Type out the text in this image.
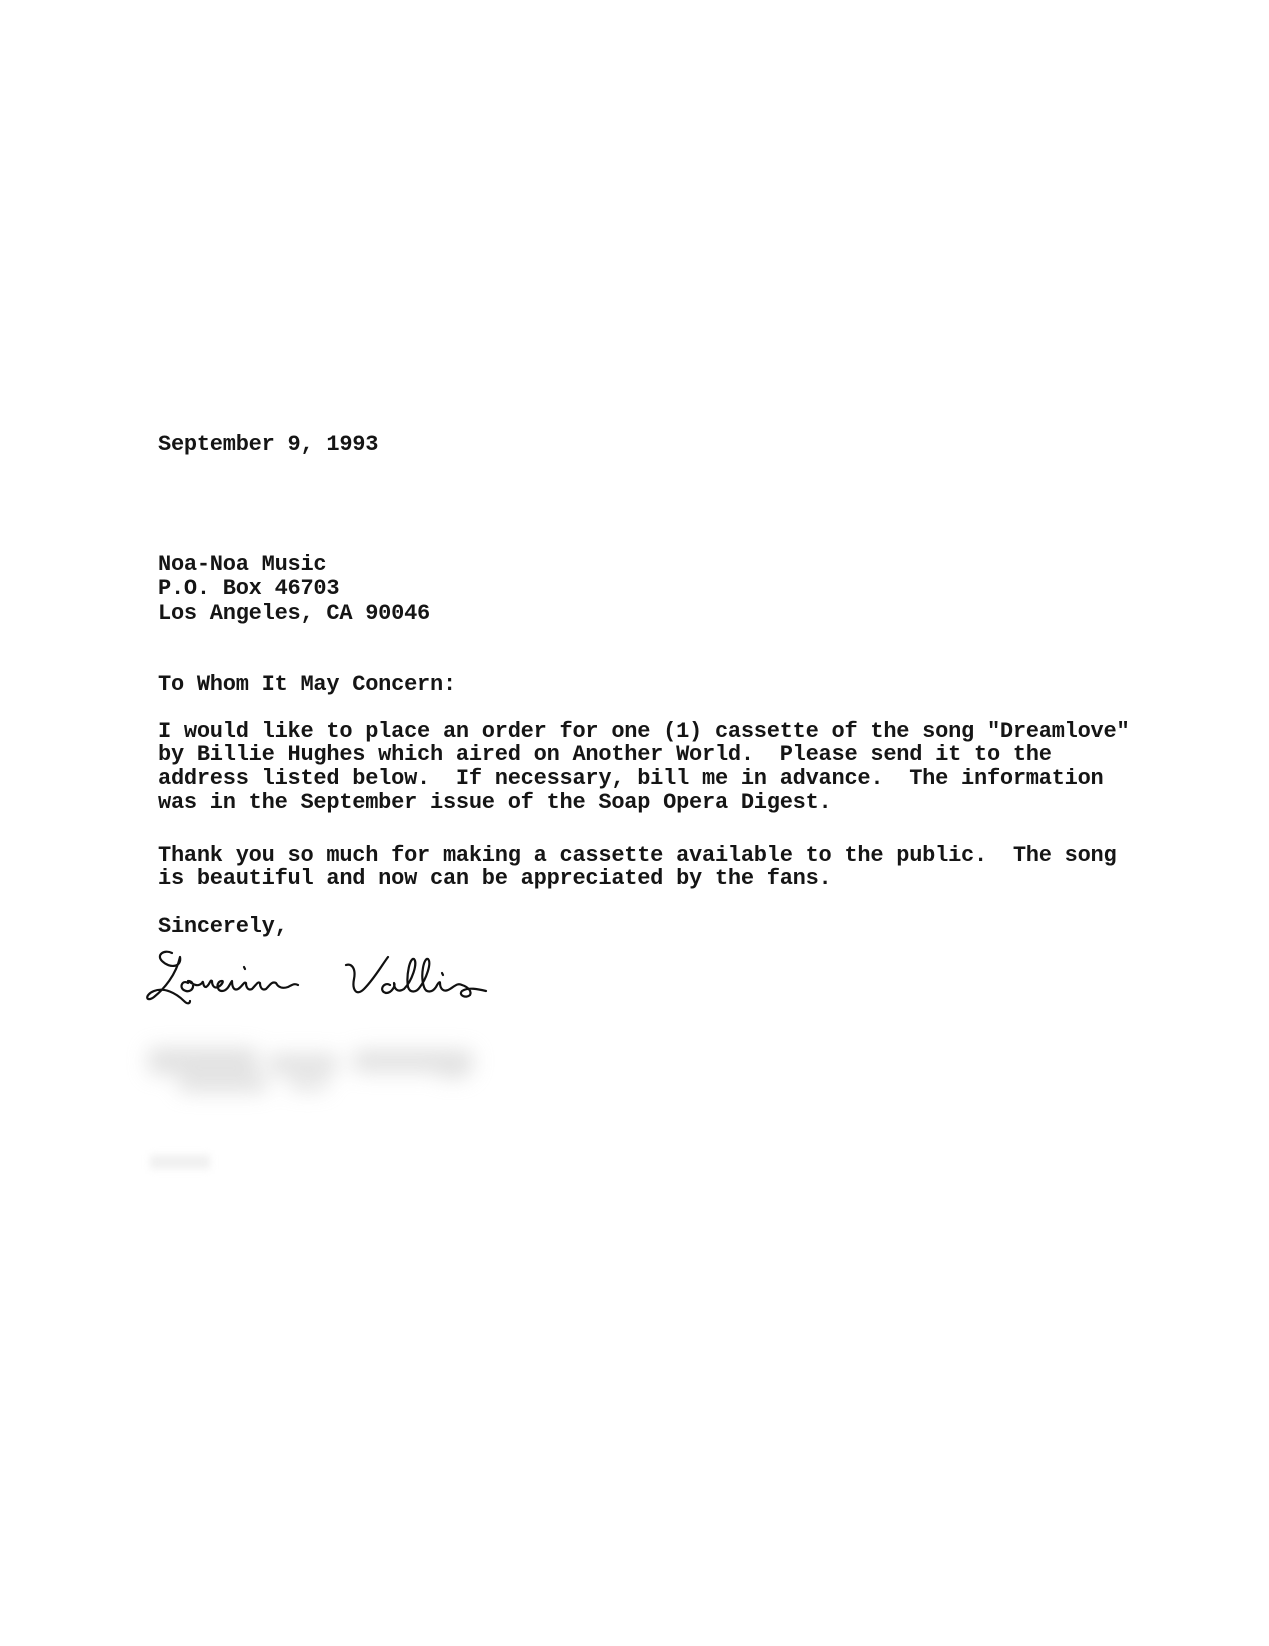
September 9, 1993
Noa-Noa Music
P.O. Box 46703
Los Angeles, CA 90046
To Whom It May Concern:
I would like to place an order for one (1) cassette of the song "Dreamlove"
by Billie Hughes which aired on Another World.  Please send it to the
address listed below.  If necessary, bill me in advance.  The information
was in the September issue of the Soap Opera Digest.
Thank you so much for making a cassette available to the public.  The song
is beautiful and now can be appreciated by the fans.
Sincerely,
